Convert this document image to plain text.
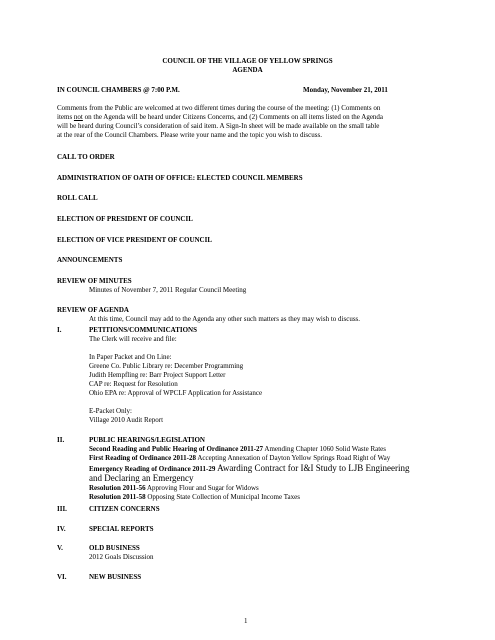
COUNCIL OF THE VILLAGE OF YELLOW SPRINGS
AGENDA
IN COUNCIL CHAMBERS @ 7:00 P.M.	Monday, November 21, 2011
Comments from the Public are welcomed at two different times during the course of the meeting: (1) Comments on
items not on the Agenda will be heard under Citizens Concerns, and (2) Comments on all items listed on the Agenda
will be heard during Council’s consideration of said item. A Sign-In sheet will be made available on the small table
at the rear of the Council Chambers. Please write your name and the topic you wish to discuss.
CALL TO ORDER
ADMINISTRATION OF OATH OF OFFICE: ELECTED COUNCIL MEMBERS
ROLL CALL
ELECTION OF PRESIDENT OF COUNCIL
ELECTION OF VICE PRESIDENT OF COUNCIL
ANNOUNCEMENTS
REVIEW OF MINUTES
Minutes of November 7, 2011 Regular Council Meeting
REVIEW OF AGENDA
At this time, Council may add to the Agenda any other such matters as they may wish to discuss.
I.	PETITIONS/COMMUNICATIONS
The Clerk will receive and file:
In Paper Packet and On Line:
Greene Co. Public Library re: December Programming
Judith Hempfling re: Barr Project Support Letter
CAP re: Request for Resolution
Ohio EPA re: Approval of WPCLF Application for Assistance
E-Packet Only:
Village 2010 Audit Report
II.	PUBLIC HEARINGS/LEGISLATION
Second Reading and Public Hearing of Ordinance 2011-27 Amending Chapter 1060 Solid Waste Rates
First Reading of Ordinance 2011-28 Accepting Annexation of Dayton Yellow Springs Road Right of Way
Emergency Reading of Ordinance 2011-29 Awarding Contract for I&I Study to LJB Engineering
and Declaring an Emergency
Resolution 2011-56 Approving Flour and Sugar for Widows
Resolution 2011-58 Opposing State Collection of Municipal Income Taxes
III.	CITIZEN CONCERNS
IV.	SPECIAL REPORTS
V.	OLD BUSINESS
2012 Goals Discussion
VI.	NEW BUSINESS
1
